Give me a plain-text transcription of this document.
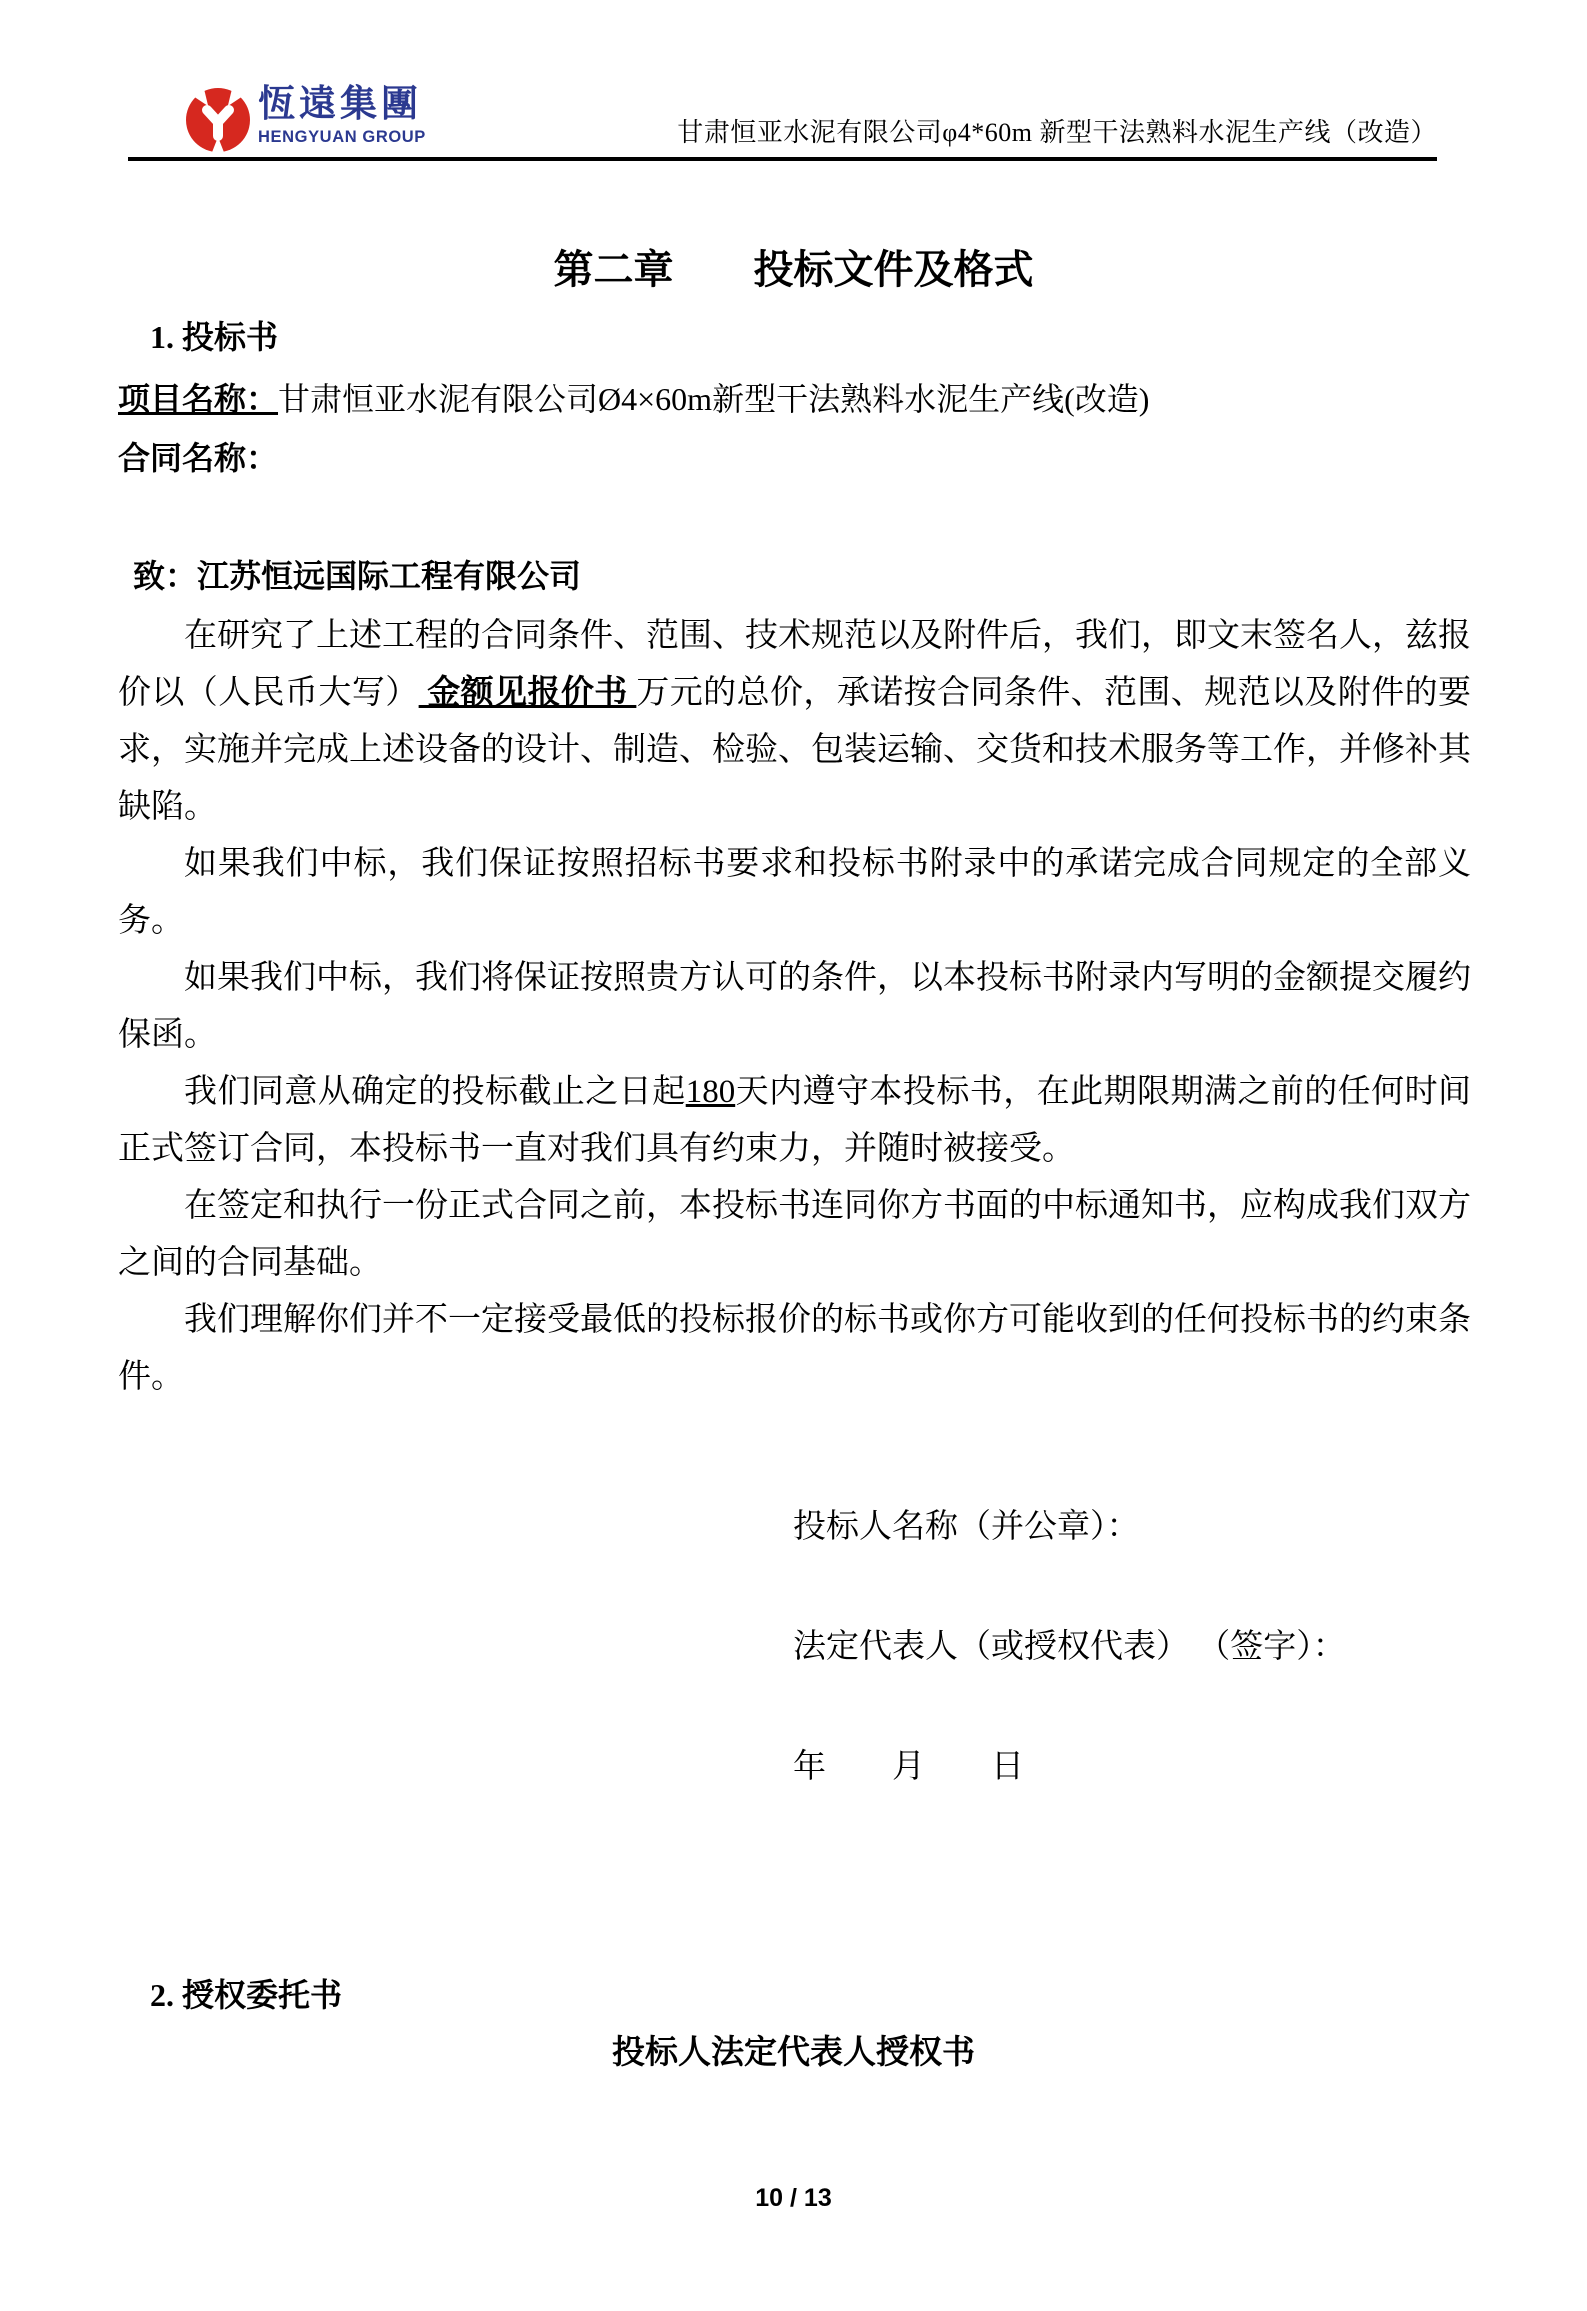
恆遠集團
HENGYUAN GROUP	甘肃恒亚水泥有限公司φ4*60m 新型干法熟料水泥生产线（改造）
第二章　　投标文件及格式
1. 投标书
项目名称：甘肃恒亚水泥有限公司Ø4×60m新型干法熟料水泥生产线(改造)
合同名称：
致：江苏恒远国际工程有限公司

在研究了上述工程的合同条件、范围、技术规范以及附件后，我们，即文末签名人，兹报价以（人民币大写） 金额见报价书 万元的总价，承诺按合同条件、范围、规范以及附件的要求，实施并完成上述设备的设计、制造、检验、包装运输、交货和技术服务等工作，并修补其缺陷。

如果我们中标，我们保证按照招标书要求和投标书附录中的承诺完成合同规定的全部义务。

如果我们中标，我们将保证按照贵方认可的条件，以本投标书附录内写明的金额提交履约保函。

我们同意从确定的投标截止之日起180天内遵守本投标书，在此期限期满之前的任何时间正式签订合同，本投标书一直对我们具有约束力，并随时被接受。

在签定和执行一份正式合同之前，本投标书连同你方书面的中标通知书，应构成我们双方之间的合同基础。

我们理解你们并不一定接受最低的投标报价的标书或你方可能收到的任何投标书的约束条件。

投标人名称（并公章）：
法定代表人（或授权代表） （签字）：
年　　月　　日
2. 授权委托书
投标人法定代表人授权书
10 / 13
